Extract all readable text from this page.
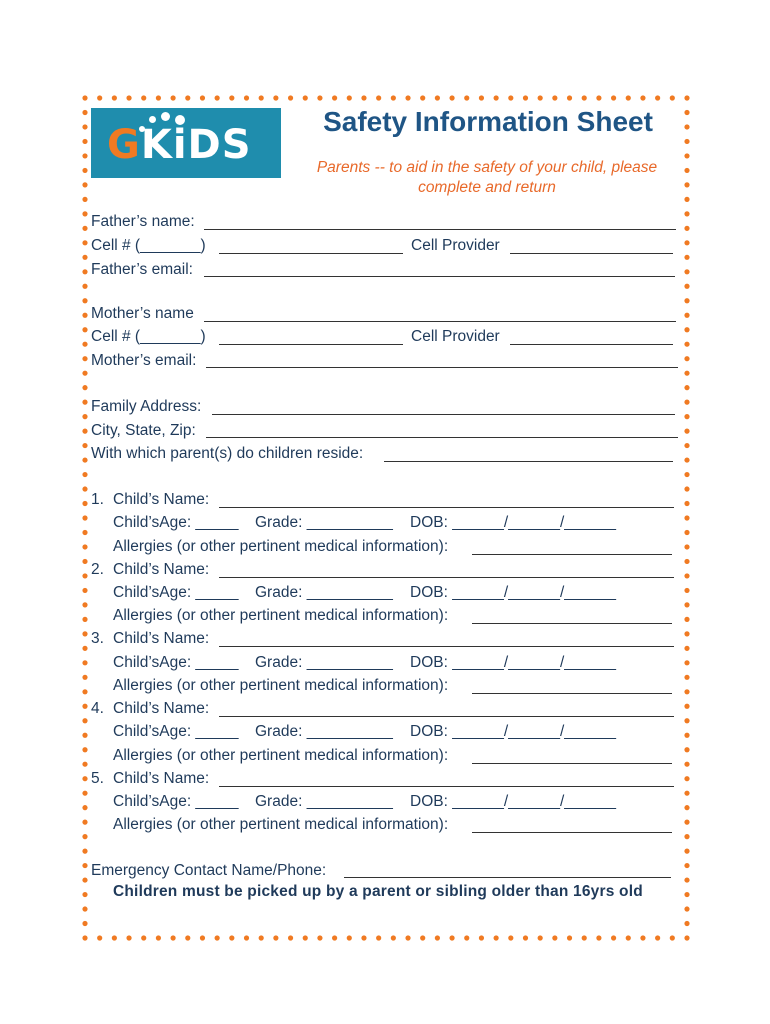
GKiDS
Safety Information Sheet
Parents -- to aid in the safety of your child, please
complete and return
Father’s name:
Cell # (_______)	Cell Provider
Father’s email:
Mother’s name
Cell # (_______)	Cell Provider
Mother’s email:
Family Address:
City, State, Zip:
With which parent(s) do children reside:
1. Child’s Name:
Child’sAge: _____ Grade: __________ DOB: ______/______/______
Allergies (or other pertinent medical information):
2. Child’s Name:
Child’sAge: _____ Grade: __________ DOB: ______/______/______
Allergies (or other pertinent medical information):
3. Child’s Name:
Child’sAge: _____ Grade: __________ DOB: ______/______/______
Allergies (or other pertinent medical information):
4. Child’s Name:
Child’sAge: _____ Grade: __________ DOB: ______/______/______
Allergies (or other pertinent medical information):
5. Child’s Name:
Child’sAge: _____ Grade: __________ DOB: ______/______/______
Allergies (or other pertinent medical information):
Emergency Contact Name/Phone:
Children must be picked up by a parent or sibling older than 16yrs old
